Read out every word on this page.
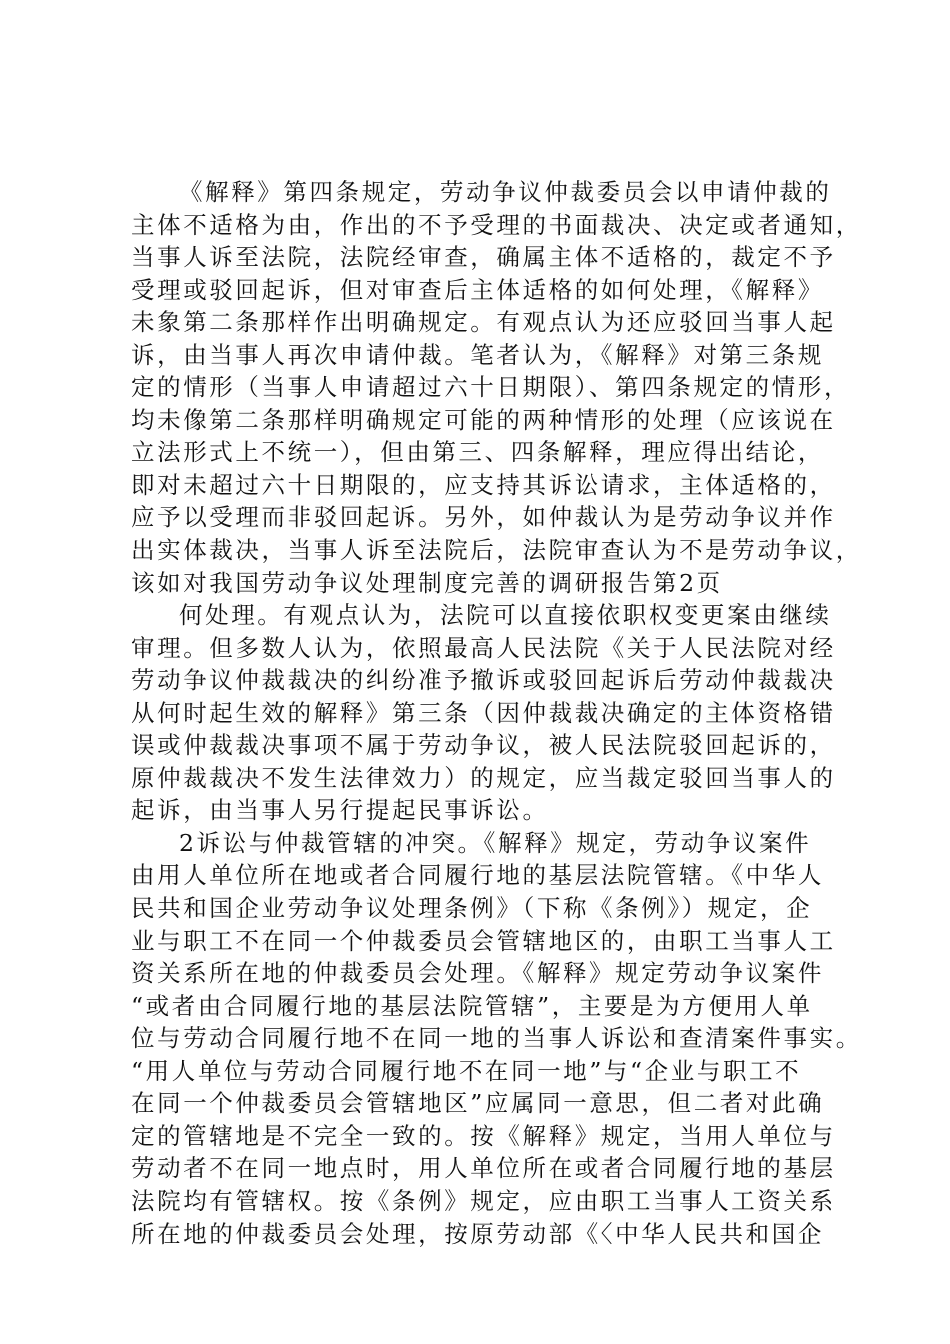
《解释》第四条规定，劳动争议仲裁委员会以申请仲裁的
主体不适格为由，作出的不予受理的书面裁决、决定或者通知，
当事人诉至法院，法院经审查，确属主体不适格的，裁定不予
受理或驳回起诉，但对审查后主体适格的如何处理，《解释》
未象第二条那样作出明确规定。有观点认为还应驳回当事人起
诉，由当事人再次申请仲裁。笔者认为，《解释》对第三条规
定的情形（当事人申请超过六十日期限）、第四条规定的情形，
均未像第二条那样明确规定可能的两种情形的处理（应该说在
立法形式上不统一），但由第三、四条解释，理应得出结论，
即对未超过六十日期限的，应支持其诉讼请求，主体适格的，
应予以受理而非驳回起诉。另外，如仲裁认为是劳动争议并作
出实体裁决，当事人诉至法院后，法院审查认为不是劳动争议，
该如对我国劳动争议处理制度完善的调研报告第2页
何处理。有观点认为，法院可以直接依职权变更案由继续
审理。但多数人认为，依照最高人民法院《关于人民法院对经
劳动争议仲裁裁决的纠纷准予撤诉或驳回起诉后劳动仲裁裁决
从何时起生效的解释》第三条（因仲裁裁决确定的主体资格错
误或仲裁裁决事项不属于劳动争议，被人民法院驳回起诉的，
原仲裁裁决不发生法律效力）的规定，应当裁定驳回当事人的
起诉，由当事人另行提起民事诉讼。
2诉讼与仲裁管辖的冲突。《解释》规定，劳动争议案件
由用人单位所在地或者合同履行地的基层法院管辖。《中华人
民共和国企业劳动争议处理条例》（下称《条例》）规定，企
业与职工不在同一个仲裁委员会管辖地区的，由职工当事人工
资关系所在地的仲裁委员会处理。《解释》规定劳动争议案件
“或者由合同履行地的基层法院管辖”，主要是为方便用人单
位与劳动合同履行地不在同一地的当事人诉讼和查清案件事实。
“用人单位与劳动合同履行地不在同一地”与“企业与职工不
在同一个仲裁委员会管辖地区”应属同一意思，但二者对此确
定的管辖地是不完全一致的。按《解释》规定，当用人单位与
劳动者不在同一地点时，用人单位所在或者合同履行地的基层
法院均有管辖权。按《条例》规定，应由职工当事人工资关系
所在地的仲裁委员会处理，按原劳动部《〈中华人民共和国企
